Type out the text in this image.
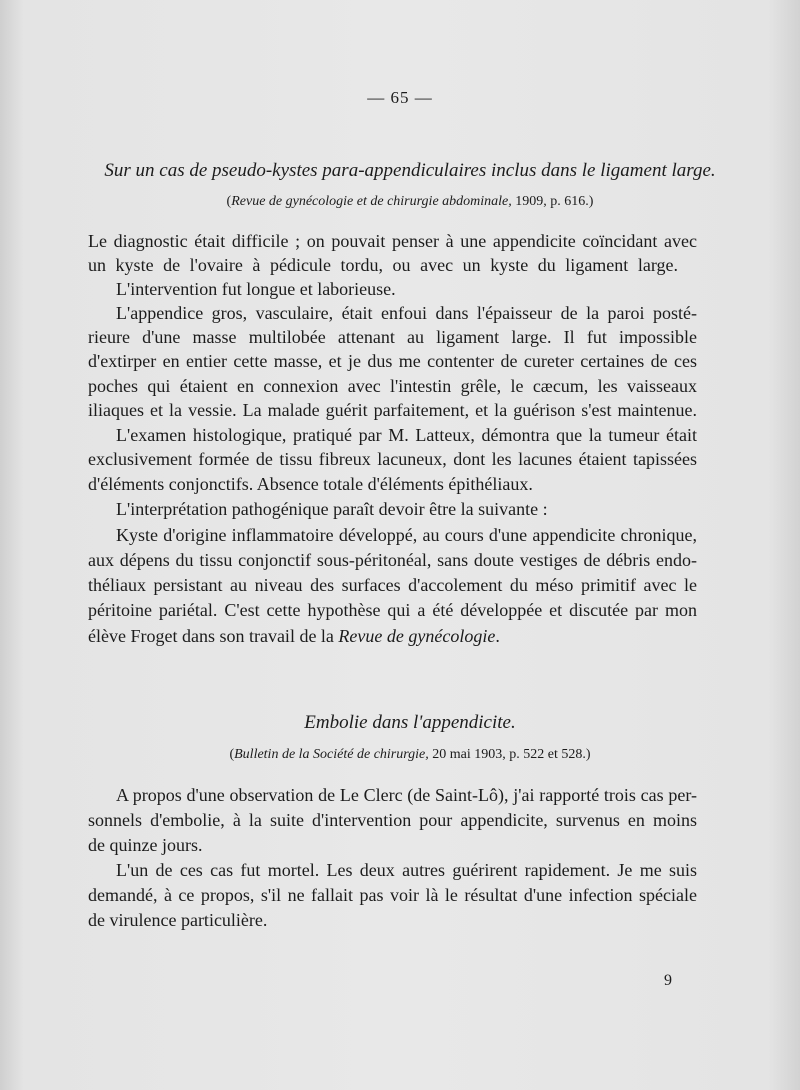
— 65 —
Sur un cas de pseudo-kystes para-appendiculaires inclus dans le ligament large.
(Revue de gynécologie et de chirurgie abdominale, 1909, p. 616.)
Le diagnostic était difficile ; on pouvait penser à une appendicite coïncidant avec
un kyste de l'ovaire à pédicule tordu, ou avec un kyste du ligament large.
L'intervention fut longue et laborieuse.
L'appendice gros, vasculaire, était enfoui dans l'épaisseur de la paroi posté-
rieure d'une masse multilobée attenant au ligament large. Il fut impossible
d'extirper en entier cette masse, et je dus me contenter de cureter certaines de ces
poches qui étaient en connexion avec l'intestin grêle, le cæcum, les vaisseaux
iliaques et la vessie. La malade guérit parfaitement, et la guérison s'est maintenue.
L'examen histologique, pratiqué par M. Latteux, démontra que la tumeur était
exclusivement formée de tissu fibreux lacuneux, dont les lacunes étaient tapissées
d'éléments conjonctifs. Absence totale d'éléments épithéliaux.
L'interprétation pathogénique paraît devoir être la suivante :
Kyste d'origine inflammatoire développé, au cours d'une appendicite chronique,
aux dépens du tissu conjonctif sous-péritonéal, sans doute vestiges de débris endo-
théliaux persistant au niveau des surfaces d'accolement du méso primitif avec le
péritoine pariétal. C'est cette hypothèse qui a été développée et discutée par mon
élève Froget dans son travail de la Revue de gynécologie.
Embolie dans l'appendicite.
(Bulletin de la Société de chirurgie, 20 mai 1903, p. 522 et 528.)
A propos d'une observation de Le Clerc (de Saint-Lô), j'ai rapporté trois cas per-
sonnels d'embolie, à la suite d'intervention pour appendicite, survenus en moins
de quinze jours.
L'un de ces cas fut mortel. Les deux autres guérirent rapidement. Je me suis
demandé, à ce propos, s'il ne fallait pas voir là le résultat d'une infection spéciale
de virulence particulière.
9
